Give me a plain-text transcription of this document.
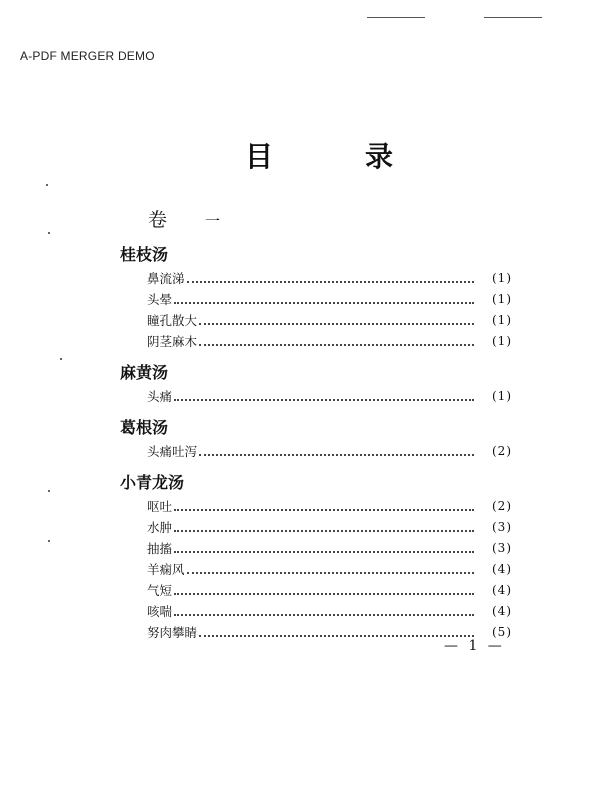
A-PDF MERGER DEMO
目	录
卷 一
桂枝汤
鼻流涕	(1)
头晕	(1)
瞳孔散大	(1)
阴茎麻木	(1)
麻黄汤
头痛	(1)
葛根汤
头痛吐泻	(2)
小青龙汤
呕吐	(2)
水肿	(3)
抽搐	(3)
羊痫风	(4)
气短	(4)
咳喘	(4)
努肉攀睛	(5)
— 1 —
